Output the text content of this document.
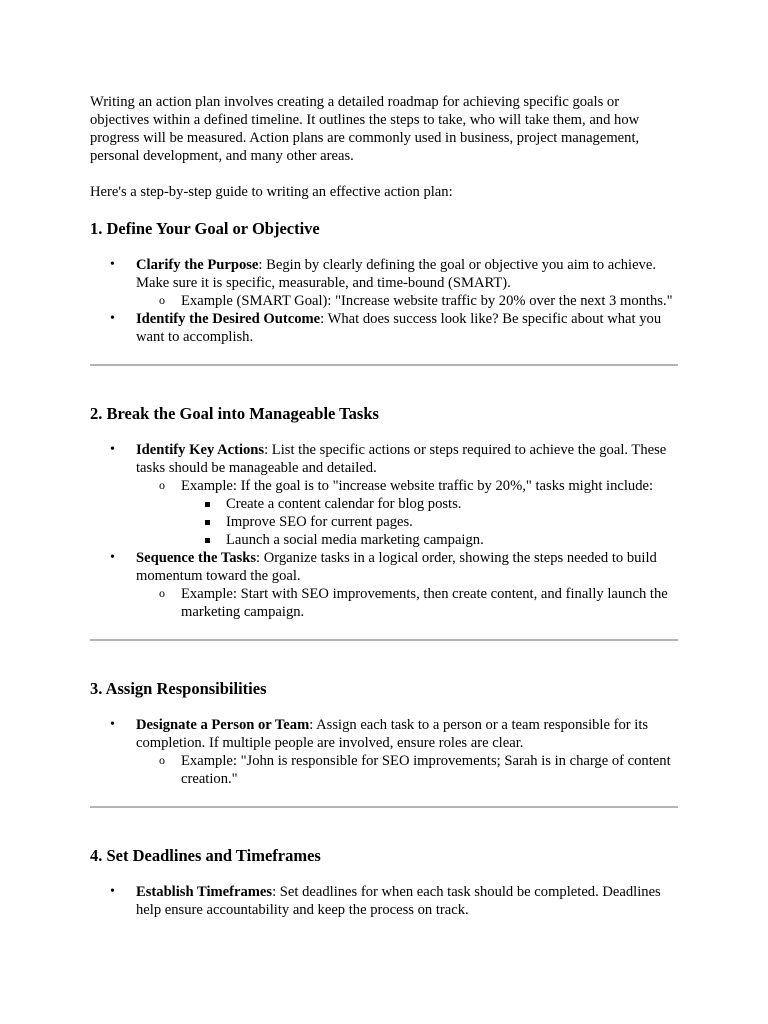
Writing an action plan involves creating a detailed roadmap for achieving specific goals or objectives within a defined timeline. It outlines the steps to take, who will take them, and how progress will be measured. Action plans are commonly used in business, project management, personal development, and many other areas.

Here's a step-by-step guide to writing an effective action plan:

1. Define Your Goal or Objective
• Clarify the Purpose: Begin by clearly defining the goal or objective you aim to achieve. Make sure it is specific, measurable, and time-bound (SMART).
o Example (SMART Goal): "Increase website traffic by 20% over the next 3 months."
• Identify the Desired Outcome: What does success look like? Be specific about what you want to accomplish.
2. Break the Goal into Manageable Tasks
• Identify Key Actions: List the specific actions or steps required to achieve the goal. These tasks should be manageable and detailed.
o Example: If the goal is to "increase website traffic by 20%," tasks might include:
Create a content calendar for blog posts.
Improve SEO for current pages.
Launch a social media marketing campaign.
• Sequence the Tasks: Organize tasks in a logical order, showing the steps needed to build momentum toward the goal.
o Example: Start with SEO improvements, then create content, and finally launch the marketing campaign.
3. Assign Responsibilities
• Designate a Person or Team: Assign each task to a person or a team responsible for its completion. If multiple people are involved, ensure roles are clear.
o Example: "John is responsible for SEO improvements; Sarah is in charge of content creation."
4. Set Deadlines and Timeframes
• Establish Timeframes: Set deadlines for when each task should be completed. Deadlines help ensure accountability and keep the process on track.
